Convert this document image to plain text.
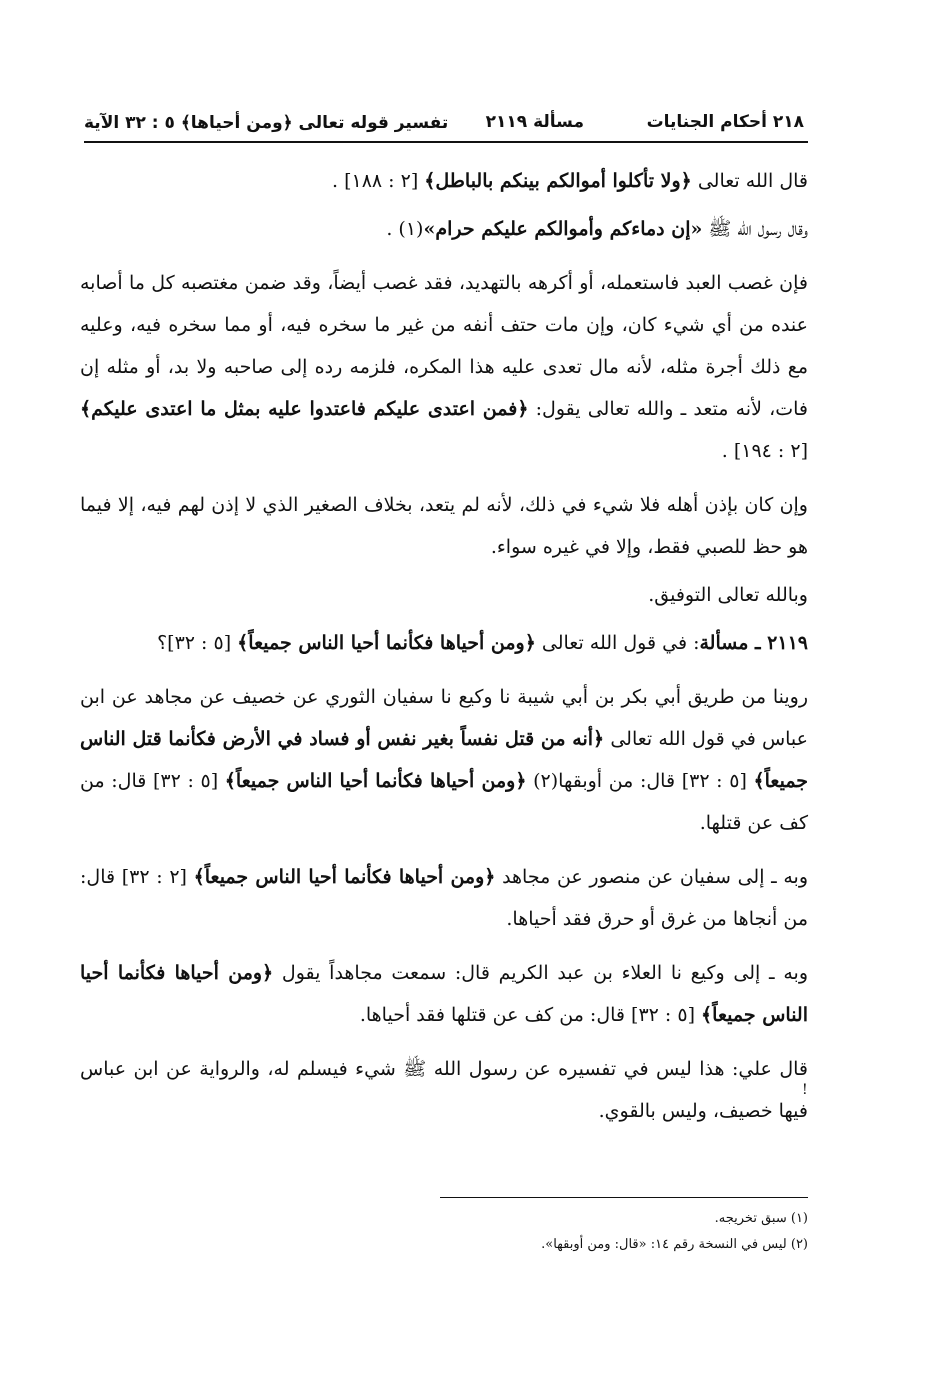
٢١٨ أحكام الجنايات
مسألة ٢١١٩
تفسير قوله تعالى ﴿ومن أحياها﴾ ٥ : ٣٢ الآية

قال الله تعالى ﴿ولا تأكلوا أموالكم بينكم بالباطل﴾ [٢ : ١٨٨] .

وقال رسول الله ﷺ «إن دماءكم وأموالكم عليكم حرام»(١) .

فإن غصب العبد فاستعمله، أو أكرهه بالتهديد، فقد غصب أيضاً، وقد ضمن مغتصبه كل ما أصابه عنده من أي شيء كان، وإن مات حتف أنفه من غير ما سخره فيه، أو مما سخره فيه، وعليه مع ذلك أجرة مثله، لأنه مال تعدى عليه هذا المكره، فلزمه رده إلى صاحبه ولا بد، أو مثله إن فات، لأنه متعد ـ والله تعالى يقول: ﴿فمن اعتدى عليكم فاعتدوا عليه بمثل ما اعتدى عليكم﴾ [٢ : ١٩٤] .

وإن كان بإذن أهله فلا شيء في ذلك، لأنه لم يتعد، بخلاف الصغير الذي لا إذن لهم فيه، إلا فيما هو حظ للصبي فقط، وإلا في غيره سواء.

وبالله تعالى التوفيق.

٢١١٩ ـ مسألة: في قول الله تعالى ﴿ومن أحياها فكأنما أحيا الناس جميعاً﴾ [٥ : ٣٢]؟

روينا من طريق أبي بكر بن أبي شيبة نا وكيع نا سفيان الثوري عن خصيف عن مجاهد عن ابن عباس في قول الله تعالى ﴿أنه من قتل نفساً بغير نفس أو فساد في الأرض فكأنما قتل الناس جميعاً﴾ [٥ : ٣٢] قال: من أوبقها(٢) ﴿ومن أحياها فكأنما أحيا الناس جميعاً﴾ [٥ : ٣٢] قال: من كف عن قتلها.

وبه ـ إلى سفيان عن منصور عن مجاهد ﴿ومن أحياها فكأنما أحيا الناس جميعاً﴾ [٢ : ٣٢] قال: من أنجاها من غرق أو حرق فقد أحياها.

وبه ـ إلى وكيع نا العلاء بن عبد الكريم قال: سمعت مجاهداً يقول ﴿ومن أحياها فكأنما أحيا الناس جميعاً﴾ [٥ : ٣٢] قال: من كف عن قتلها فقد أحياها.

قال علي: هذا ليس في تفسيره عن رسول الله ﷺ شيء فيسلم له، والرواية عن ابن عباس فيها خصيف، وليس بالقوي.

!
(١) سبق تخريجه.
(٢) ليس في النسخة رقم ١٤: «قال: ومن أوبقها».
